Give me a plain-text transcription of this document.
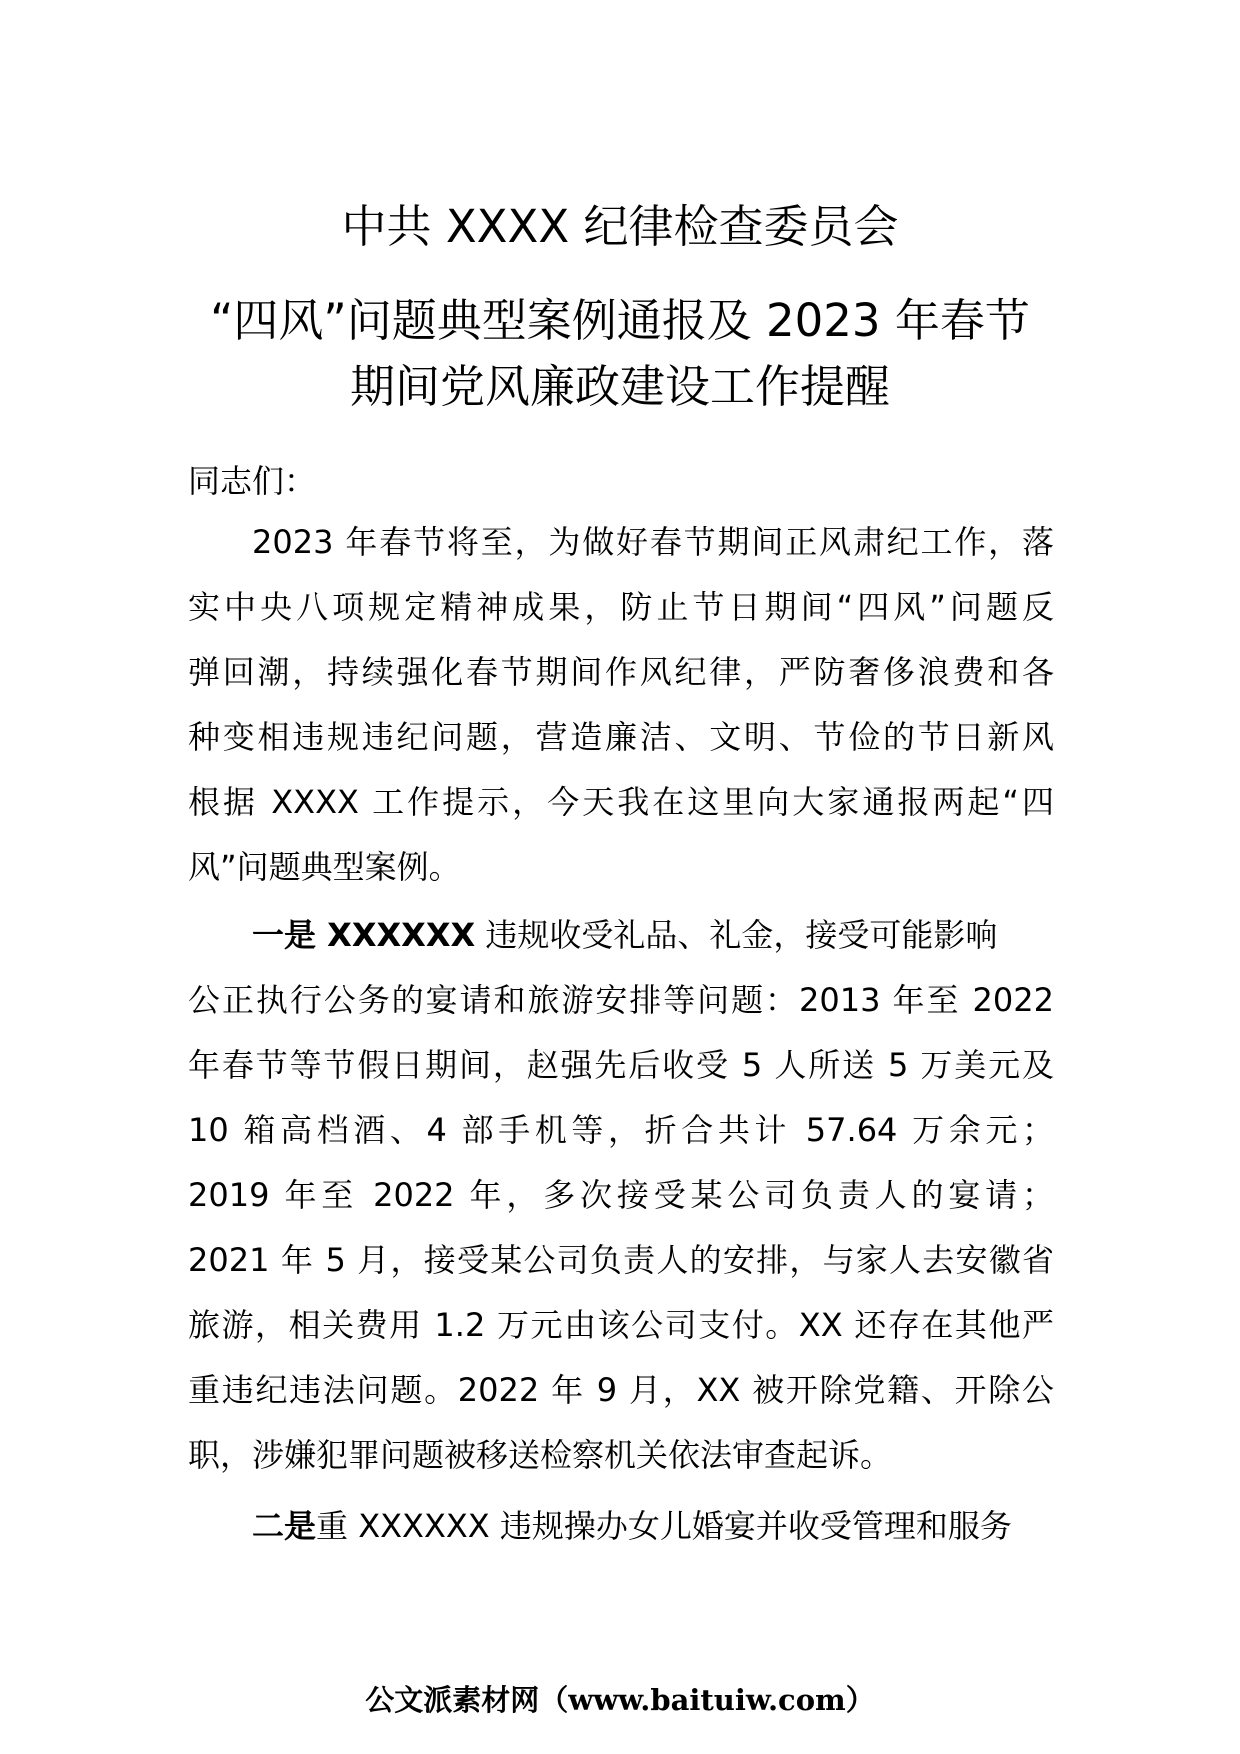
中共 XXXX 纪律检查委员会
“四风”问题典型案例通报及 2023 年春节
期间党风廉政建设工作提醒

同志们：

2023 年春节将至，为做好春节期间正风肃纪工作，落
实中央八项规定精神成果，防止节日期间“四风”问题反
弹回潮，持续强化春节期间作风纪律，严防奢侈浪费和各
种变相违规违纪问题，营造廉洁、文明、节俭的节日新风
根据 XXXX 工作提示，今天我在这里向大家通报两起“四
风”问题典型案例。
一是 XXXXXX 违规收受礼品、礼金，接受可能影响
公正执行公务的宴请和旅游安排等问题：2013 年至 2022
年春节等节假日期间，赵强先后收受 5 人所送 5 万美元及
10 箱高档酒、4 部手机等，折合共计 57.64 万余元；
2019 年至 2022 年，多次接受某公司负责人的宴请；
2021 年 5 月，接受某公司负责人的安排，与家人去安徽省
旅游，相关费用 1.2 万元由该公司支付。XX 还存在其他严
重违纪违法问题。2022 年 9 月，XX 被开除党籍、开除公
职，涉嫌犯罪问题被移送检察机关依法审查起诉。
二是重 XXXXXX 违规操办女儿婚宴并收受管理和服务

公文派素材网（www.baituiw.com）
